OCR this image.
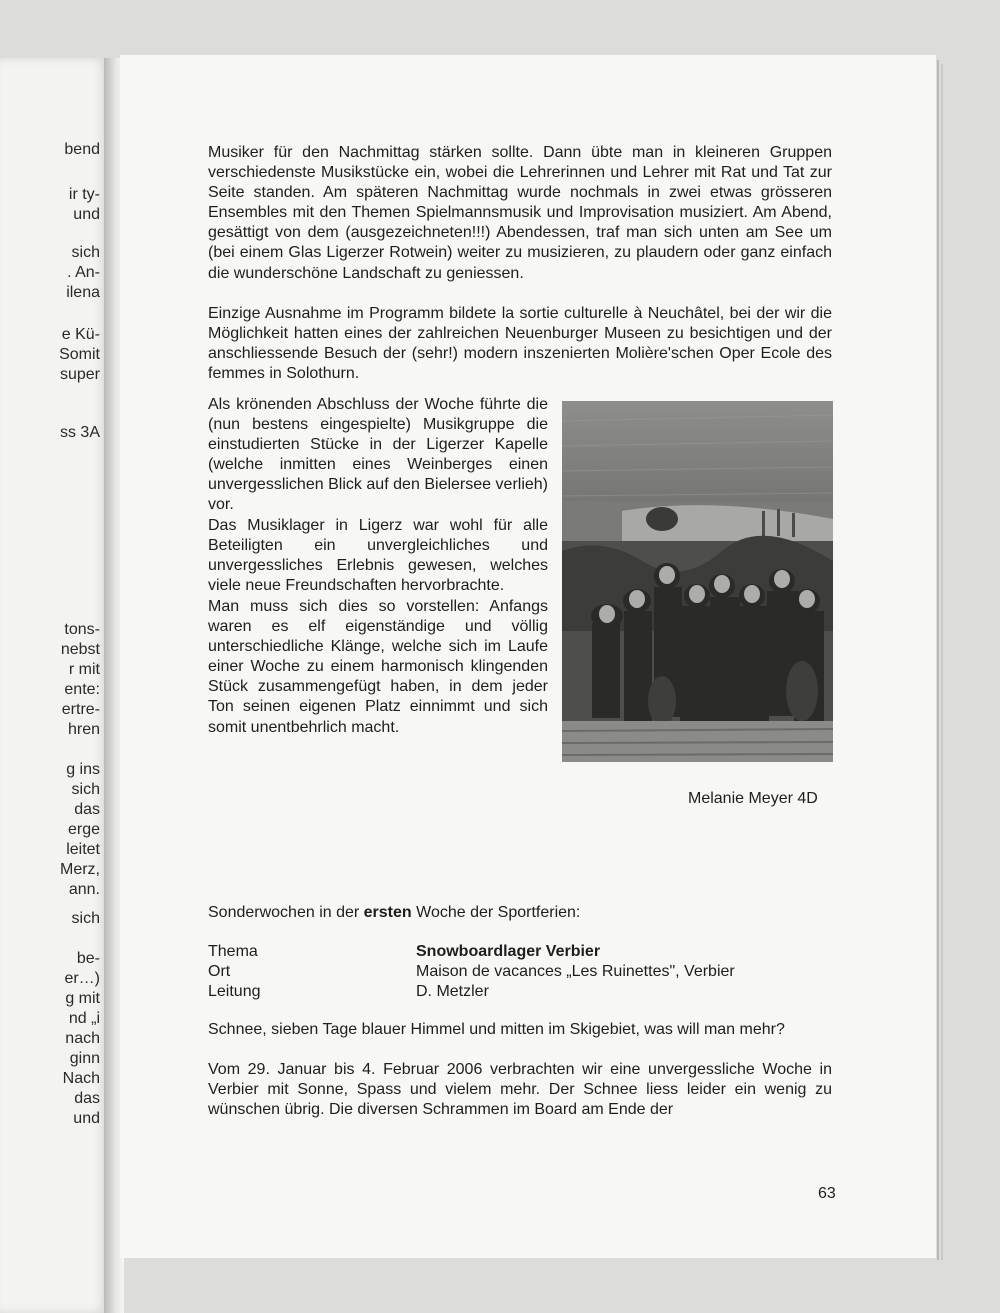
bend
ir ty-
und
sich
. An-
ilena
e Kü-
Somit
super
ss 3A
tons-
nebst
r mit
ente:
ertre-
hren
g ins
sich
das
erge
leitet
Merz,
ann.
sich
be-
er…)
g mit
nd „i
nach
ginn
Nach
das
und

Musiker für den Nachmittag stärken sollte. Dann übte man in kleineren Gruppen verschiedenste Musikstücke ein, wobei die Lehrerinnen und Lehrer mit Rat und Tat zur Seite standen. Am späteren Nachmittag wurde nochmals in zwei etwas grösseren Ensembles mit den Themen Spielmannsmusik und Improvisation musiziert. Am Abend, gesättigt von dem (ausgezeichneten!!!) Abendessen, traf man sich unten am See um (bei einem Glas Ligerzer Rotwein) weiter zu musizieren, zu plaudern oder ganz einfach die wunderschöne Landschaft zu geniessen.

Einzige Ausnahme im Programm bildete la sortie culturelle à Neuchâtel, bei der wir die Möglichkeit hatten eines der zahlreichen Neuenburger Museen zu besichtigen und der anschliessende Besuch der (sehr!) modern inszenierten Molière'schen Oper Ecole des femmes in Solothurn.

Als krönenden Abschluss der Woche führte die (nun bestens eingespielte) Musikgruppe die einstudierten Stücke in der Ligerzer Kapelle (welche inmitten eines Weinberges einen unvergesslichen Blick auf den Bielersee verlieh) vor.

Das Musiklager in Ligerz war wohl für alle Beteiligten ein unvergleichliches und unvergessliches Erlebnis gewesen, welches viele neue Freundschaften hervorbrachte.

Man muss sich dies so vorstellen: Anfangs waren es elf eigenständige und völlig unterschiedliche Klänge, welche sich im Laufe einer Woche zu einem harmonisch klingenden Stück zusammengefügt haben, in dem jeder Ton seinen eigenen Platz einnimmt und sich somit unentbehrlich macht.

Melanie Meyer 4D
Sonderwochen in der ersten Woche der Sportferien:
Thema	Snowboardlager Verbier
Ort	Maison de vacances „Les Ruinettes", Verbier
Leitung	D. Metzler

Schnee, sieben Tage blauer Himmel und mitten im Skigebiet, was will man mehr?

Vom 29. Januar bis 4. Februar 2006 verbrachten wir eine unvergessliche Woche in Verbier mit Sonne, Spass und vielem mehr. Der Schnee liess leider ein wenig zu wünschen übrig. Die diversen Schrammen im Board am Ende der

63
